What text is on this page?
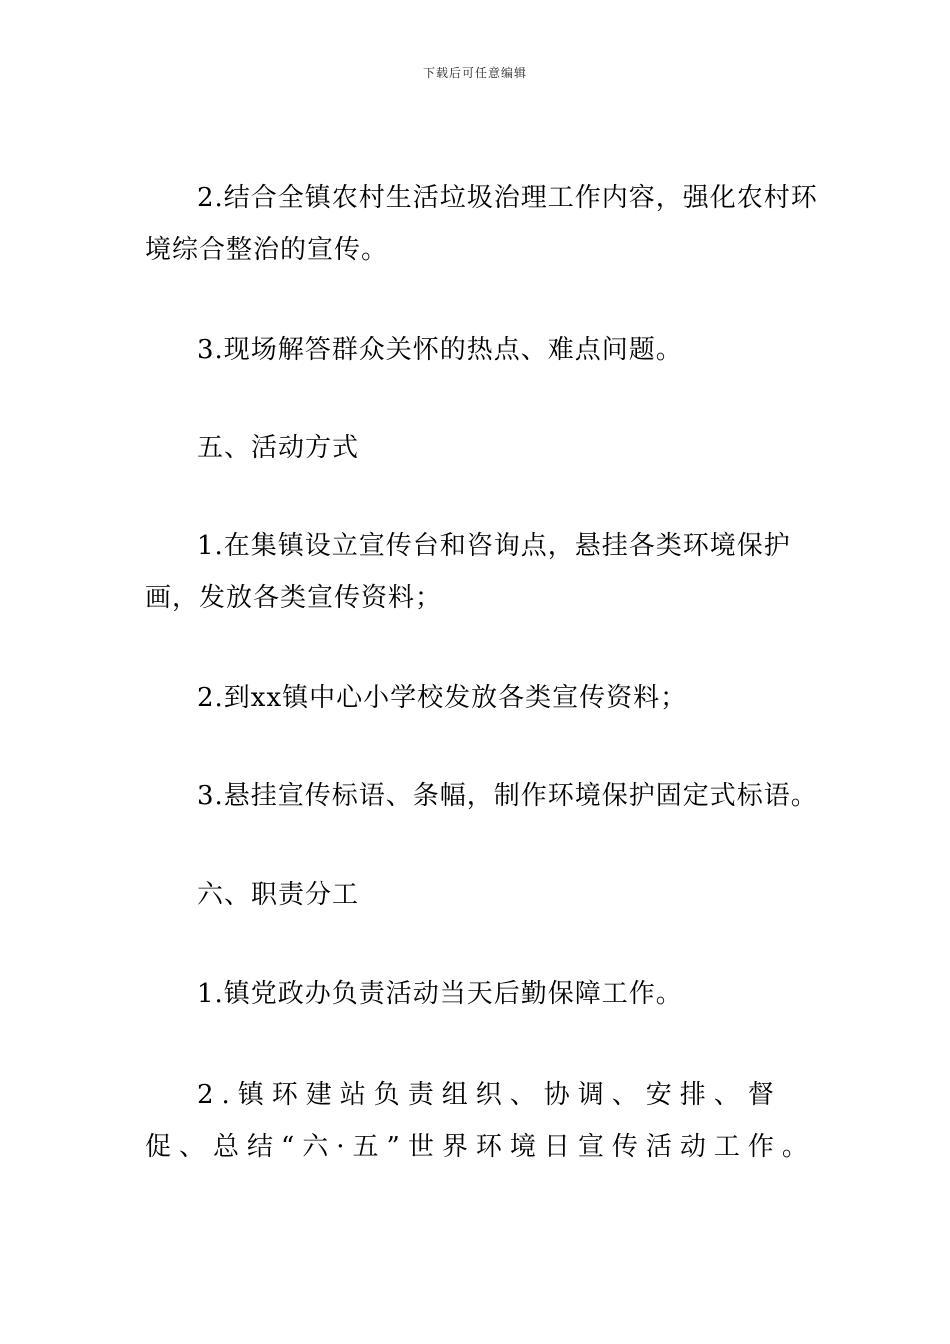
下载后可任意编辑

2.结合全镇农村生活垃圾治理工作内容，强化农村环境综合整治的宣传。

3.现场解答群众关怀的热点、难点问题。

五、活动方式

1.在集镇设立宣传台和咨询点，悬挂各类环境保护画，发放各类宣传资料；

2.到xx镇中心小学校发放各类宣传资料；

3.悬挂宣传标语、条幅，制作环境保护固定式标语。

六、职责分工

1.镇党政办负责活动当天后勤保障工作。

2.镇环建站负责组织、协调、安排、督促、总结“六·五”世界环境日宣传活动工作。
